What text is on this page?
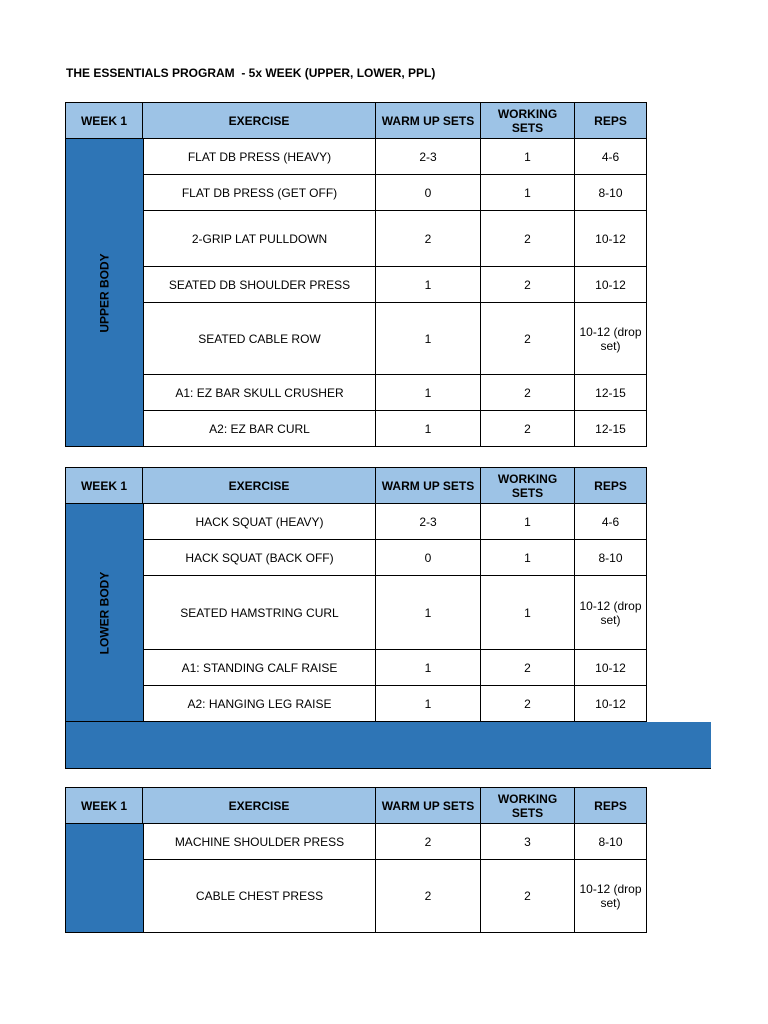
THE ESSENTIALS PROGRAM  - 5x WEEK (UPPER, LOWER, PPL)
WEEK 1	EXERCISE	WARM UP SETS	WORKING SETS	REPS
UPPER BODY
FLAT DB PRESS (HEAVY)	2-3	1	4-6
FLAT DB PRESS (GET OFF)	0	1	8-10
2-GRIP LAT PULLDOWN	2	2	10-12
SEATED DB SHOULDER PRESS	1	2	10-12
SEATED CABLE ROW	1	2	10-12 (drop set)
A1: EZ BAR SKULL CRUSHER	1	2	12-15
A2: EZ BAR CURL	1	2	12-15
WEEK 1	EXERCISE	WARM UP SETS	WORKING SETS	REPS
LOWER BODY
HACK SQUAT (HEAVY)	2-3	1	4-6
HACK SQUAT (BACK OFF)	0	1	8-10
SEATED HAMSTRING CURL	1	1	10-12 (drop set)
A1: STANDING CALF RAISE	1	2	10-12
A2: HANGING LEG RAISE	1	2	10-12
WEEK 1	EXERCISE	WARM UP SETS	WORKING SETS	REPS
MACHINE SHOULDER PRESS	2	3	8-10
CABLE CHEST PRESS	2	2	10-12 (drop set)
